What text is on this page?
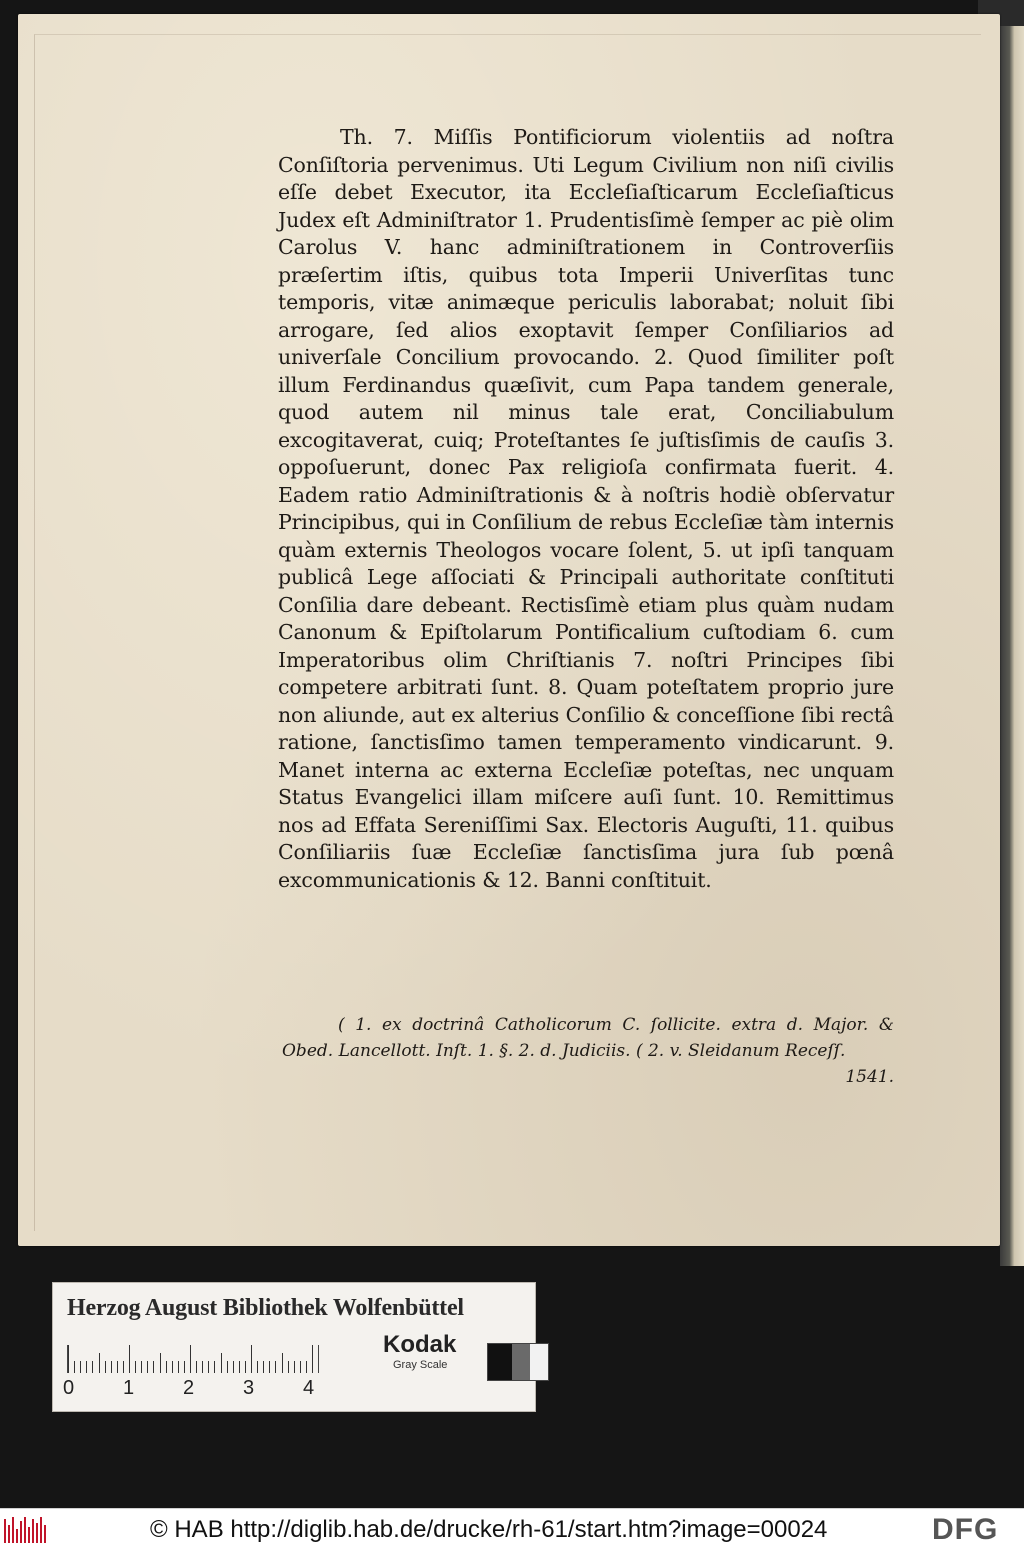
Th. 7. Miſſis Pontificiorum violentiis ad noſtra Conſiſtoria pervenimus. Uti Legum Civilium non niſi civilis eſſe debet Executor, ita Eccleſiaſticarum Eccleſiaſticus Judex eſt Adminiſtrator 1. Prudentisſimè ſemper ac piè olim Carolus V. hanc adminiſtrationem in Controverſiis præſertim iſtis, quibus tota Imperii Univerſitas tunc temporis, vitæ animæque periculis laborabat; noluit ſibi arrogare, ſed alios exoptavit ſemper Conſiliarios ad univerſale Concilium provocando. 2. Quod ſimiliter poſt illum Ferdinandus quæſivit, cum Papa tandem generale, quod autem nil minus tale erat, Conciliabulum excogitaverat, cuiq; Proteſtantes ſe juſtisſimis de cauſis 3. oppoſuerunt, donec Pax religioſa confirmata fuerit. 4. Eadem ratio Adminiſtrationis & à noſtris hodiè obſervatur Principibus, qui in Conſilium de rebus Eccleſiæ tàm internis quàm externis Theologos vocare ſolent, 5. ut ipſi tanquam publicâ Lege aſſociati & Principali authoritate conſtituti Conſilia dare debeant. Rectisſimè etiam plus quàm nudam Canonum & Epiſtolarum Pontificalium cuſtodiam 6. cum Imperatoribus olim Chriſtianis 7. noſtri Principes ſibi competere arbitrati ſunt. 8. Quam poteſtatem proprio jure non aliunde, aut ex alterius Conſilio & conceſſione ſibi rectâ ratione, ſanctisſimo tamen temperamento vindicarunt. 9. Manet interna ac externa Eccleſiæ poteſtas, nec unquam Status Evangelici illam miſcere auſi ſunt. 10. Remittimus nos ad Effata Sereniſſimi Sax. Electoris Auguſti, 11. quibus Conſiliariis ſuæ Eccleſiæ ſanctisſima jura ſub pœnâ excommunicationis & 12. Banni conſtituit.

( 1. ex doctrinâ Catholicorum C. ſollicite. extra d. Major. & Obed. Lancellott. Inſt. 1. §. 2. d. Judiciis. ( 2. v. Sleidanum Receſſ.
1541.
Herzog August Bibliothek Wolfenbüttel
0 1 2 3 4
Kodak
Gray Scale
© HAB http://diglib.hab.de/drucke/rh-61/start.htm?image=00024	DFG
